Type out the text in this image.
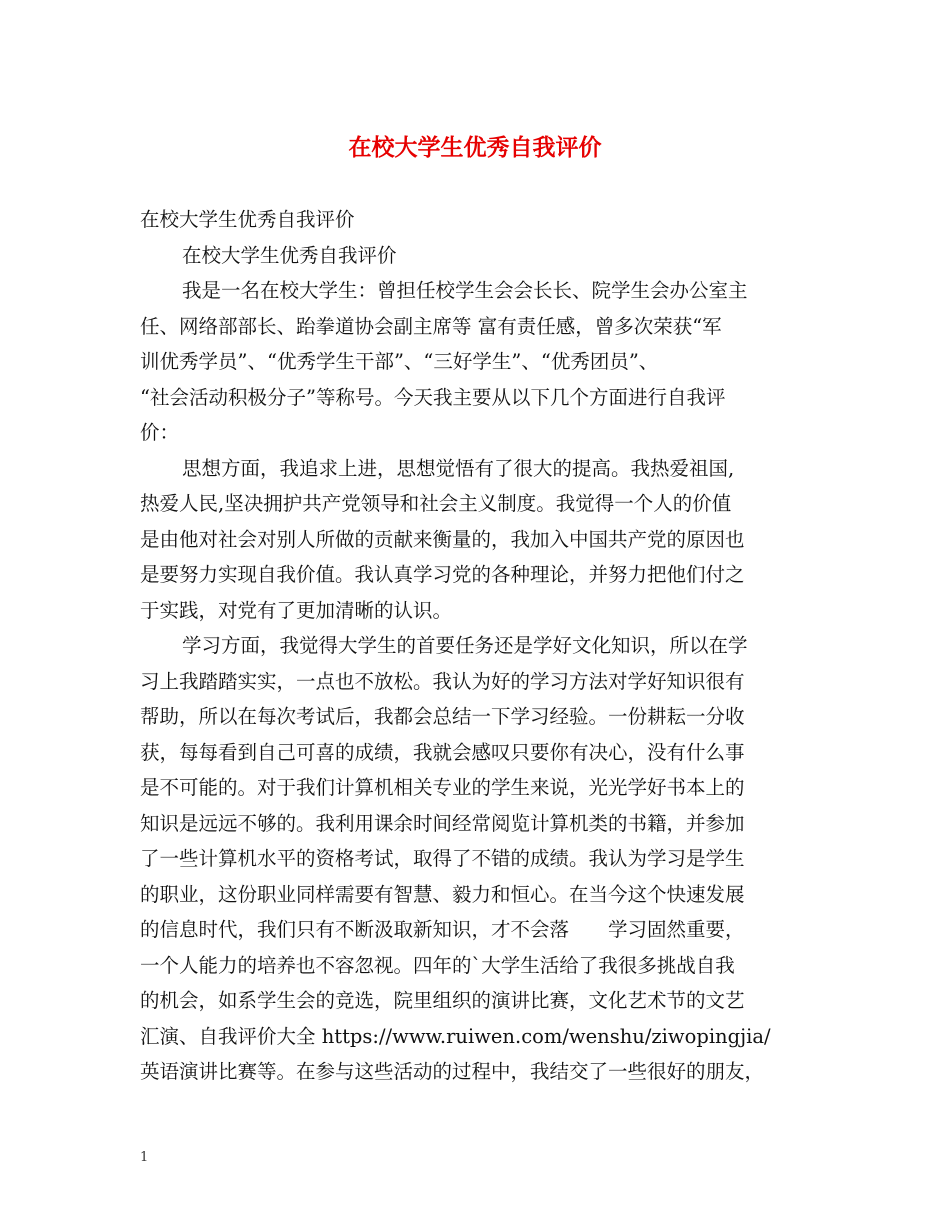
在校大学生优秀自我评价
在校大学生优秀自我评价
在校大学生优秀自我评价
我是一名在校大学生：曾担任校学生会会长长、院学生会办公室主
任、网络部部长、跆拳道协会副主席等 富有责任感，曾多次荣获“军
训优秀学员”、“优秀学生干部”、“三好学生”、“优秀团员”、
“社会活动积极分子”等称号。今天我主要从以下几个方面进行自我评
价：
思想方面，我追求上进，思想觉悟有了很大的提高。我热爱祖国,
热爱人民,坚决拥护共产党领导和社会主义制度。我觉得一个人的价值
是由他对社会对别人所做的贡献来衡量的，我加入中国共产党的原因也
是要努力实现自我价值。我认真学习党的各种理论，并努力把他们付之
于实践，对党有了更加清晰的认识。
学习方面，我觉得大学生的首要任务还是学好文化知识，所以在学
习上我踏踏实实，一点也不放松。我认为好的学习方法对学好知识很有
帮助，所以在每次考试后，我都会总结一下学习经验。一份耕耘一分收
获，每每看到自己可喜的成绩，我就会感叹只要你有决心，没有什么事
是不可能的。对于我们计算机相关专业的学生来说，光光学好书本上的
知识是远远不够的。我利用课余时间经常阅览计算机类的书籍，并参加
了一些计算机水平的资格考试，取得了不错的成绩。我认为学习是学生
的职业，这份职业同样需要有智慧、毅力和恒心。在当今这个快速发展
的信息时代，我们只有不断汲取新知识，才不会落　　学习固然重要，
一个人能力的培养也不容忽视。四年的`大学生活给了我很多挑战自我
的机会，如系学生会的竞选，院里组织的演讲比赛，文化艺术节的文艺
汇演、自我评价大全 https://www.ruiwen.com/wenshu/ziwopingjia/
英语演讲比赛等。在参与这些活动的过程中，我结交了一些很好的朋友，
1
